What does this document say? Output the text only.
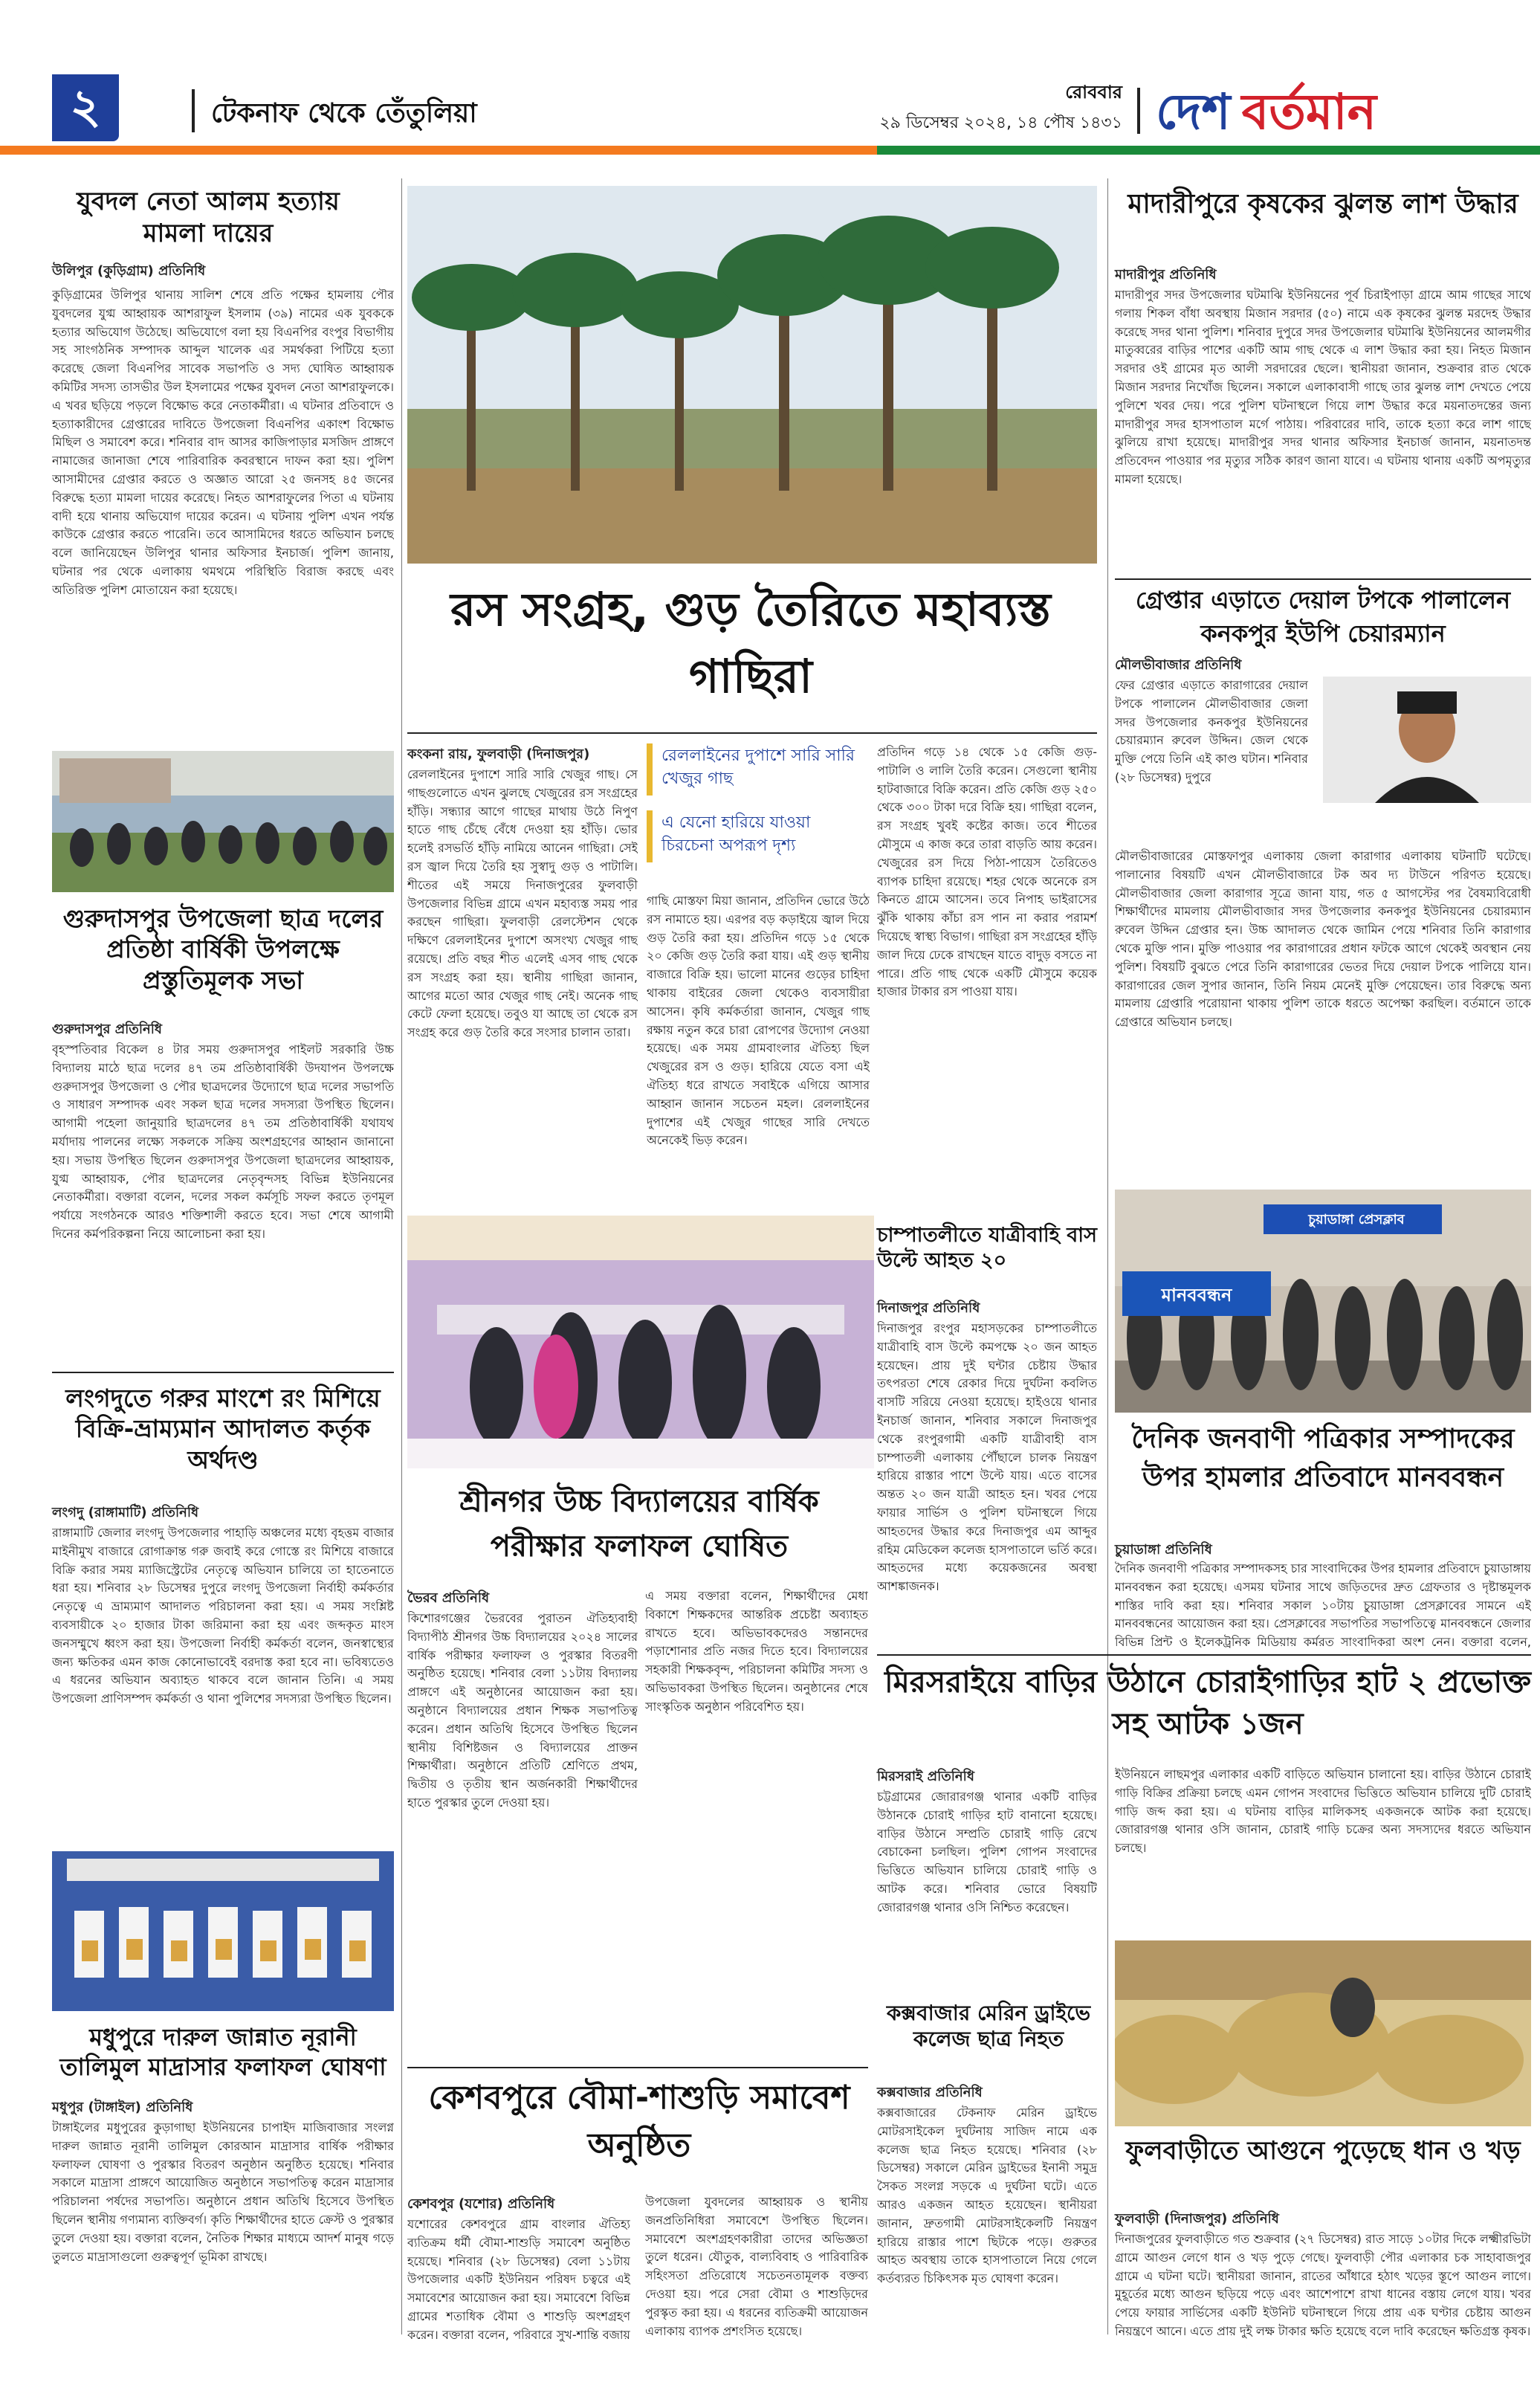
২	টেকনাফ থেকে তেঁতুলিয়া
রোববার
২৯ ডিসেম্বর ২০২৪, ১৪ পৌষ ১৪৩১ দেশ বর্তমান
যুবদল নেতা আলম হত্যায় মামলা দায়ের
উলিপুর (কুড়িগ্রাম) প্রতিনিধি
কুড়িগ্রামের উলিপুর থানায় সালিশ শেষে প্রতি পক্ষের হামলায় পৌর যুবদলের যুগ্ম আহ্বায়ক আশরাফুল ইসলাম (৩৯) নামের এক যুবককে হত্যার অভিযোগ উঠেছে। অভিযোগে বলা হয় বিএনপির বংপুর বিভাগীয় সহ সাংগঠনিক সম্পাদক আব্দুল খালেক এর সমর্থকরা পিটিয়ে হত্যা করেছে জেলা বিএনপির সাবেক সভাপতি ও সদ্য ঘোষিত আহ্বায়ক কমিটির সদস্য তাসভীর উল ইসলামের পক্ষের যুবদল নেতা আশরাফুলকে। এ খবর ছড়িয়ে পড়লে বিক্ষোভ করে নেতাকর্মীরা। এ ঘটনার প্রতিবাদে ও হত্যাকারীদের গ্রেপ্তারের দাবিতে উপজেলা বিএনপির একাংশ বিক্ষোভ মিছিল ও সমাবেশ করে। শনিবার বাদ আসর কাজিপাড়ার মসজিদ প্রাঙ্গণে নামাজের জানাজা শেষে পারিবারিক কবরস্থানে দাফন করা হয়। পুলিশ আসামীদের গ্রেপ্তার করতে ও অজ্ঞাত আরো ২৫ জনসহ ৪৫ জনের বিরুদ্ধে হত্যা মামলা দায়ের করেছে। নিহত আশরাফুলের পিতা এ ঘটনায় বাদী হয়ে থানায় অভিযোগ দায়ের করেন। এ ঘটনায় পুলিশ এখন পর্যন্ত কাউকে গ্রেপ্তার করতে পারেনি। তবে আসামিদের ধরতে অভিযান চলছে বলে জানিয়েছেন উলিপুর থানার অফিসার ইনচার্জ। পুলিশ জানায়, ঘটনার পর থেকে এলাকায় থমথমে পরিস্থিতি বিরাজ করছে এবং অতিরিক্ত পুলিশ মোতায়েন করা হয়েছে।
গুরুদাসপুর উপজেলা ছাত্র দলের প্রতিষ্ঠা বার্ষিকী উপলক্ষে প্রস্তুতিমূলক সভা
গুরুদাসপুর প্রতিনিধি
বৃহস্পতিবার বিকেল ৪ টার সময় গুরুদাসপুর পাইলট সরকারি উচ্চ বিদ্যালয় মাঠে ছাত্র দলের ৪৭ তম প্রতিষ্ঠাবার্ষিকী উদযাপন উপলক্ষে গুরুদাসপুর উপজেলা ও পৌর ছাত্রদলের উদ্যোগে ছাত্র দলের সভাপতি ও সাধারণ সম্পাদক এবং সকল ছাত্র দলের সদস্যরা উপস্থিত ছিলেন। আগামী পহেলা জানুয়ারি ছাত্রদলের ৪৭ তম প্রতিষ্ঠাবার্ষিকী যথাযথ মর্যাদায় পালনের লক্ষ্যে সকলকে সক্রিয় অংশগ্রহণের আহ্বান জানানো হয়। সভায় উপস্থিত ছিলেন গুরুদাসপুর উপজেলা ছাত্রদলের আহ্বায়ক, যুগ্ম আহ্বায়ক, পৌর ছাত্রদলের নেতৃবৃন্দসহ বিভিন্ন ইউনিয়নের নেতাকর্মীরা। বক্তারা বলেন, দলের সকল কর্মসূচি সফল করতে তৃণমূল পর্যায়ে সংগঠনকে আরও শক্তিশালী করতে হবে। সভা শেষে আগামী দিনের কর্মপরিকল্পনা নিয়ে আলোচনা করা হয়।
লংগদুতে গরুর মাংশে রং মিশিয়ে বিক্রি-ভ্রাম্যমান আদালত কর্তৃক অর্থদণ্ড
লংগদু (রাঙ্গামাটি) প্রতিনিধি
রাঙ্গামাটি জেলার লংগদু উপজেলার পাহাড়ি অঞ্চলের মধ্যে বৃহত্তম বাজার মাইনীমুখ বাজারে রোগাক্রান্ত গরু জবাই করে গোস্তে রং মিশিয়ে বাজারে বিক্রি করার সময় ম্যাজিস্ট্রেটের নেতৃত্বে অভিযান চালিয়ে তা হাতেনাতে ধরা হয়। শনিবার ২৮ ডিসেম্বর দুপুরে লংগদু উপজেলা নির্বাহী কর্মকর্তার নেতৃত্বে এ ভ্রাম্যমাণ আদালত পরিচালনা করা হয়। এ সময় সংশ্লিষ্ট ব্যবসায়ীকে ২০ হাজার টাকা জরিমানা করা হয় এবং জব্দকৃত মাংস জনসম্মুখে ধ্বংস করা হয়। উপজেলা নির্বাহী কর্মকর্তা বলেন, জনস্বাস্থ্যের জন্য ক্ষতিকর এমন কাজ কোনোভাবেই বরদাস্ত করা হবে না। ভবিষ্যতেও এ ধরনের অভিযান অব্যাহত থাকবে বলে জানান তিনি। এ সময় উপজেলা প্রাণিসম্পদ কর্মকর্তা ও থানা পুলিশের সদস্যরা উপস্থিত ছিলেন।
মধুপুরে দারুল জান্নাত নূরানী তালিমুল মাদ্রাসার ফলাফল ঘোষণা
মধুপুর (টাঙ্গাইল) প্রতিনিধি
টাঙ্গাইলের মধুপুরের কুড়াগাছা ইউনিয়নের চাপাইদ মাজিবাজার সংলগ্ন দারুল জান্নাত নূরানী তালিমুল কোরআন মাদ্রাসার বার্ষিক পরীক্ষার ফলাফল ঘোষণা ও পুরস্কার বিতরণ অনুষ্ঠান অনুষ্ঠিত হয়েছে। শনিবার সকালে মাদ্রাসা প্রাঙ্গণে আয়োজিত অনুষ্ঠানে সভাপতিত্ব করেন মাদ্রাসার পরিচালনা পর্ষদের সভাপতি। অনুষ্ঠানে প্রধান অতিথি হিসেবে উপস্থিত ছিলেন স্থানীয় গণ্যমান্য ব্যক্তিবর্গ। কৃতি শিক্ষার্থীদের হাতে ক্রেস্ট ও পুরস্কার তুলে দেওয়া হয়। বক্তারা বলেন, নৈতিক শিক্ষার মাধ্যমে আদর্শ মানুষ গড়ে তুলতে মাদ্রাসাগুলো গুরুত্বপূর্ণ ভূমিকা রাখছে।
রস সংগ্রহ, গুড় তৈরিতে মহাব্যস্ত গাছিরা
কংকনা রায়, ফুলবাড়ী (দিনাজপুর)
রেললাইনের দুপাশে সারি সারি খেজুর গাছ। সে গাছগুলোতে এখন ঝুলছে খেজুরের রস সংগ্রহের হাঁড়ি। সন্ধ্যার আগে গাছের মাথায় উঠে নিপুণ হাতে গাছ চেঁছে বেঁধে দেওয়া হয় হাঁড়ি। ভোর হলেই রসভর্তি হাঁড়ি নামিয়ে আনেন গাছিরা। সেই রস জ্বাল দিয়ে তৈরি হয় সুস্বাদু গুড় ও পাটালি। শীতের এই সময়ে দিনাজপুরের ফুলবাড়ী উপজেলার বিভিন্ন গ্রামে এখন মহাব্যস্ত সময় পার করছেন গাছিরা। ফুলবাড়ী রেলস্টেশন থেকে দক্ষিণে রেললাইনের দুপাশে অসংখ্য খেজুর গাছ রয়েছে। প্রতি বছর শীত এলেই এসব গাছ থেকে রস সংগ্রহ করা হয়। স্থানীয় গাছিরা জানান, আগের মতো আর খেজুর গাছ নেই। অনেক গাছ কেটে ফেলা হয়েছে। তবুও যা আছে তা থেকে রস সংগ্রহ করে গুড় তৈরি করে সংসার চালান তারা।
রেললাইনের দুপাশে সারি সারি খেজুর গাছ
এ যেনো হারিয়ে যাওয়া চিরচেনা অপরূপ দৃশ্য
গাছি মোস্তফা মিয়া জানান, প্রতিদিন ভোরে উঠে রস নামাতে হয়। এরপর বড় কড়াইয়ে জ্বাল দিয়ে গুড় তৈরি করা হয়। প্রতিদিন গড়ে ১৫ থেকে ২০ কেজি গুড় তৈরি করা যায়। এই গুড় স্থানীয় বাজারে বিক্রি হয়। ভালো মানের গুড়ের চাহিদা থাকায় বাইরের জেলা থেকেও ব্যবসায়ীরা আসেন। কৃষি কর্মকর্তারা জানান, খেজুর গাছ রক্ষায় নতুন করে চারা রোপণের উদ্যোগ নেওয়া হয়েছে। এক সময় গ্রামবাংলার ঐতিহ্য ছিল খেজুরের রস ও গুড়। হারিয়ে যেতে বসা এই ঐতিহ্য ধরে রাখতে সবাইকে এগিয়ে আসার আহ্বান জানান সচেতন মহল। রেললাইনের দুপাশের এই খেজুর গাছের সারি দেখতে অনেকেই ভিড় করেন।
প্রতিদিন গড়ে ১৪ থেকে ১৫ কেজি গুড়-পাটালি ও লালি তৈরি করেন। সেগুলো স্থানীয় হাটবাজারে বিক্রি করেন। প্রতি কেজি গুড় ২৫০ থেকে ৩০০ টাকা দরে বিক্রি হয়। গাছিরা বলেন, রস সংগ্রহ খুবই কষ্টের কাজ। তবে শীতের মৌসুমে এ কাজ করে তারা বাড়তি আয় করেন। খেজুরের রস দিয়ে পিঠা-পায়েস তৈরিতেও ব্যাপক চাহিদা রয়েছে। শহর থেকে অনেকে রস কিনতে গ্রামে আসেন। তবে নিপাহ ভাইরাসের ঝুঁকি থাকায় কাঁচা রস পান না করার পরামর্শ দিয়েছে স্বাস্থ্য বিভাগ। গাছিরা রস সংগ্রহের হাঁড়ি জাল দিয়ে ঢেকে রাখছেন যাতে বাদুড় বসতে না পারে। প্রতি গাছ থেকে একটি মৌসুমে কয়েক হাজার টাকার রস পাওয়া যায়।
শ্রীনগর উচ্চ বিদ্যালয়ের বার্ষিক পরীক্ষার ফলাফল ঘোষিত
ভৈরব প্রতিনিধি
কিশোরগঞ্জের ভৈরবের পুরাতন ঐতিহ্যবাহী বিদ্যাপীঠ শ্রীনগর উচ্চ বিদ্যালয়ের ২০২৪ সালের বার্ষিক পরীক্ষার ফলাফল ও পুরস্কার বিতরণী অনুষ্ঠিত হয়েছে। শনিবার বেলা ১১টায় বিদ্যালয় প্রাঙ্গণে এই অনুষ্ঠানের আয়োজন করা হয়। অনুষ্ঠানে বিদ্যালয়ের প্রধান শিক্ষক সভাপতিত্ব করেন। প্রধান অতিথি হিসেবে উপস্থিত ছিলেন স্থানীয় বিশিষ্টজন ও বিদ্যালয়ের প্রাক্তন শিক্ষার্থীরা। অনুষ্ঠানে প্রতিটি শ্রেণিতে প্রথম, দ্বিতীয় ও তৃতীয় স্থান অর্জনকারী শিক্ষার্থীদের হাতে পুরস্কার তুলে দেওয়া হয়।
এ সময় বক্তারা বলেন, শিক্ষার্থীদের মেধা বিকাশে শিক্ষকদের আন্তরিক প্রচেষ্টা অব্যাহত রাখতে হবে। অভিভাবকদেরও সন্তানদের পড়াশোনার প্রতি নজর দিতে হবে। বিদ্যালয়ের সহকারী শিক্ষকবৃন্দ, পরিচালনা কমিটির সদস্য ও অভিভাবকরা উপস্থিত ছিলেন। অনুষ্ঠানের শেষে সাংস্কৃতিক অনুষ্ঠান পরিবেশিত হয়।
চাম্পাতলীতে যাত্রীবাহি বাস উল্টে আহত ২০
দিনাজপুর প্রতিনিধি
দিনাজপুর রংপুর মহাসড়কের চাম্পাতলীতে যাত্রীবাহি বাস উল্টে কমপক্ষে ২০ জন আহত হয়েছেন। প্রায় দুই ঘন্টার চেষ্টায় উদ্ধার তৎপরতা শেষে রেকার দিয়ে দুর্ঘটনা কবলিত বাসটি সরিয়ে নেওয়া হয়েছে। হাইওয়ে থানার ইনচার্জ জানান, শনিবার সকালে দিনাজপুর থেকে রংপুরগামী একটি যাত্রীবাহী বাস চাম্পাতলী এলাকায় পৌঁছালে চালক নিয়ন্ত্রণ হারিয়ে রাস্তার পাশে উল্টে যায়। এতে বাসের অন্তত ২০ জন যাত্রী আহত হন। খবর পেয়ে ফায়ার সার্ভিস ও পুলিশ ঘটনাস্থলে গিয়ে আহতদের উদ্ধার করে দিনাজপুর এম আব্দুর রহিম মেডিকেল কলেজ হাসপাতালে ভর্তি করে। আহতদের মধ্যে কয়েকজনের অবস্থা আশঙ্কাজনক।
মিরসরাইয়ে বাড়ির উঠানে চোরাইগাড়ির হাট ২ প্রভোক্ত সহ আটক ১জন
মিরসরাই প্রতিনিধি
চট্টগ্রামের জোরারগঞ্জ থানার একটি বাড়ির উঠানকে চোরাই গাড়ির হাট বানানো হয়েছে। বাড়ির উঠানে সম্প্রতি চোরাই গাড়ি রেখে বেচাকেনা চলছিল। পুলিশ গোপন সংবাদের ভিত্তিতে অভিযান চালিয়ে চোরাই গাড়ি ও আটক করে। শনিবার ভোরে বিষয়টি জোরারগঞ্জ থানার ওসি নিশ্চিত করেছেন।
ইউনিয়নে লাছমপুর এলাকার একটি বাড়িতে অভিযান চালানো হয়। বাড়ির উঠানে চোরাই গাড়ি বিক্রির প্রক্রিয়া চলছে এমন গোপন সংবাদের ভিত্তিতে অভিযান চালিয়ে দুটি চোরাই গাড়ি জব্দ করা হয়। এ ঘটনায় বাড়ির মালিকসহ একজনকে আটক করা হয়েছে। জোরারগঞ্জ থানার ওসি জানান, চোরাই গাড়ি চক্রের অন্য সদস্যদের ধরতে অভিযান চলছে।
কক্সবাজার মেরিন ড্রাইভে কলেজ ছাত্র নিহত
কক্সবাজার প্রতিনিধি
কক্সবাজারের টেকনাফ মেরিন ড্রাইভে মোটরসাইকেল দুর্ঘটনায় সাজিদ নামে এক কলেজ ছাত্র নিহত হয়েছে। শনিবার (২৮ ডিসেম্বর) সকালে মেরিন ড্রাইভের ইনানী সমুদ্র সৈকত সংলগ্ন সড়কে এ দুর্ঘটনা ঘটে। এতে আরও একজন আহত হয়েছেন। স্থানীয়রা জানান, দ্রুতগামী মোটরসাইকেলটি নিয়ন্ত্রণ হারিয়ে রাস্তার পাশে ছিটকে পড়ে। গুরুতর আহত অবস্থায় তাকে হাসপাতালে নিয়ে গেলে কর্তব্যরত চিকিৎসক মৃত ঘোষণা করেন।
কেশবপুরে বৌমা-শাশুড়ি সমাবেশ অনুষ্ঠিত
কেশবপুর (যশোর) প্রতিনিধি
যশোরের কেশবপুরে গ্রাম বাংলার ঐতিহ্য ব্যতিক্রম ধর্মী বৌমা-শাশুড়ি সমাবেশ অনুষ্ঠিত হয়েছে। শনিবার (২৮ ডিসেম্বর) বেলা ১১টায় উপজেলার একটি ইউনিয়ন পরিষদ চত্বরে এই সমাবেশের আয়োজন করা হয়। সমাবেশে বিভিন্ন গ্রামের শতাধিক বৌমা ও শাশুড়ি অংশগ্রহণ করেন। বক্তারা বলেন, পরিবারে সুখ-শান্তি বজায়
উপজেলা যুবদলের আহ্বায়ক ও স্থানীয় জনপ্রতিনিধিরা সমাবেশে উপস্থিত ছিলেন। সমাবেশে অংশগ্রহণকারীরা তাদের অভিজ্ঞতা তুলে ধরেন। যৌতুক, বাল্যবিবাহ ও পারিবারিক সহিংসতা প্রতিরোধে সচেতনতামূলক বক্তব্য দেওয়া হয়। পরে সেরা বৌমা ও শাশুড়িদের পুরস্কৃত করা হয়। এ ধরনের ব্যতিক্রমী আয়োজন এলাকায় ব্যাপক প্রশংসিত হয়েছে।
মাদারীপুরে কৃষকের ঝুলন্ত লাশ উদ্ধার
মাদারীপুর প্রতিনিধি
মাদারীপুর সদর উপজেলার ঘটমাঝি ইউনিয়নের পূর্ব চিরাইপাড়া গ্রামে আম গাছের সাথে গলায় শিকল বাঁধা অবস্থায় মিজান সরদার (৫০) নামে এক কৃষকের ঝুলন্ত মরদেহ উদ্ধার করেছে সদর থানা পুলিশ। শনিবার দুপুরে সদর উপজেলার ঘটমাঝি ইউনিয়নের আলমগীর মাতুব্বরের বাড়ির পাশের একটি আম গাছ থেকে এ লাশ উদ্ধার করা হয়। নিহত মিজান সরদার ওই গ্রামের মৃত আলী সরদারের ছেলে। স্থানীয়রা জানান, শুক্রবার রাত থেকে মিজান সরদার নিখোঁজ ছিলেন। সকালে এলাকাবাসী গাছে তার ঝুলন্ত লাশ দেখতে পেয়ে পুলিশে খবর দেয়। পরে পুলিশ ঘটনাস্থলে গিয়ে লাশ উদ্ধার করে ময়নাতদন্তের জন্য মাদারীপুর সদর হাসপাতাল মর্গে পাঠায়। পরিবারের দাবি, তাকে হত্যা করে লাশ গাছে ঝুলিয়ে রাখা হয়েছে। মাদারীপুর সদর থানার অফিসার ইনচার্জ জানান, ময়নাতদন্ত প্রতিবেদন পাওয়ার পর মৃত্যুর সঠিক কারণ জানা যাবে। এ ঘটনায় থানায় একটি অপমৃত্যুর মামলা হয়েছে।
গ্রেপ্তার এড়াতে দেয়াল টপকে পালালেন কনকপুর ইউপি চেয়ারম্যান
মৌলভীবাজার প্রতিনিধি
ফের গ্রেপ্তার এড়াতে কারাগারের দেয়াল টপকে পালালেন মৌলভীবাজার জেলা সদর উপজেলার কনকপুর ইউনিয়নের চেয়ারম্যান রুবেল উদ্দিন। জেল থেকে মুক্তি পেয়ে তিনি এই কাণ্ড ঘটান। শনিবার (২৮ ডিসেম্বর) দুপুরে
মৌলভীবাজারের মোস্তফাপুর এলাকায় জেলা কারাগার এলাকায় ঘটনাটি ঘটেছে। পালানোর বিষয়টি এখন মৌলভীবাজারে টক অব দ্য টাউনে পরিণত হয়েছে। মৌলভীবাজার জেলা কারাগার সূত্রে জানা যায়, গত ৫ আগস্টের পর বৈষম্যবিরোধী শিক্ষার্থীদের মামলায় মৌলভীবাজার সদর উপজেলার কনকপুর ইউনিয়নের চেয়ারম্যান রুবেল উদ্দিন গ্রেপ্তার হন। উচ্চ আদালত থেকে জামিন পেয়ে শনিবার তিনি কারাগার থেকে মুক্তি পান। মুক্তি পাওয়ার পর কারাগারের প্রধান ফটকে আগে থেকেই অবস্থান নেয় পুলিশ। বিষয়টি বুঝতে পেরে তিনি কারাগারের ভেতর দিয়ে দেয়াল টপকে পালিয়ে যান। কারাগারের জেল সুপার জানান, তিনি নিয়ম মেনেই মুক্তি পেয়েছেন। তার বিরুদ্ধে অন্য মামলায় গ্রেপ্তারি পরোয়ানা থাকায় পুলিশ তাকে ধরতে অপেক্ষা করছিল। বর্তমানে তাকে গ্রেপ্তারে অভিযান চলছে।
চুয়াডাঙ্গা প্রেসক্লাব
মানববন্ধন
দৈনিক জনবাণী পত্রিকার সম্পাদকের উপর হামলার প্রতিবাদে মানববন্ধন
চুয়াডাঙ্গা প্রতিনিধি
দৈনিক জনবাণী পত্রিকার সম্পাদকসহ চার সাংবাদিকের উপর হামলার প্রতিবাদে চুয়াডাঙ্গায় মানববন্ধন করা হয়েছে। এসময় ঘটনার সাথে জড়িতদের দ্রুত গ্রেফতার ও দৃষ্টান্তমূলক শাস্তির দাবি করা হয়। শনিবার সকাল ১০টায় চুয়াডাঙ্গা প্রেসক্লাবের সামনে এই মানববন্ধনের আয়োজন করা হয়। প্রেসক্লাবের সভাপতির সভাপতিত্বে মানববন্ধনে জেলার বিভিন্ন প্রিন্ট ও ইলেকট্রনিক মিডিয়ায় কর্মরত সাংবাদিকরা অংশ নেন। বক্তারা বলেন,
ফুলবাড়ীতে আগুনে পুড়েছে ধান ও খড়
ফুলবাড়ী (দিনাজপুর) প্রতিনিধি
দিনাজপুরের ফুলবাড়ীতে গত শুক্রবার (২৭ ডিসেম্বর) রাত সাড়ে ১০টার দিকে লক্ষ্মীরভিটা গ্রামে আগুন লেগে ধান ও খড় পুড়ে গেছে। ফুলবাড়ী পৌর এলাকার চক সাহাবাজপুর গ্রামে এ ঘটনা ঘটে। স্থানীয়রা জানান, রাতের আঁধারে হঠাৎ খড়ের স্তূপে আগুন লাগে। মুহূর্তের মধ্যে আগুন ছড়িয়ে পড়ে এবং আশেপাশে রাখা ধানের বস্তায় লেগে যায়। খবর পেয়ে ফায়ার সার্ভিসের একটি ইউনিট ঘটনাস্থলে গিয়ে প্রায় এক ঘণ্টার চেষ্টায় আগুন নিয়ন্ত্রণে আনে। এতে প্রায় দুই লক্ষ টাকার ক্ষতি হয়েছে বলে দাবি করেছেন ক্ষতিগ্রস্ত কৃষক।
